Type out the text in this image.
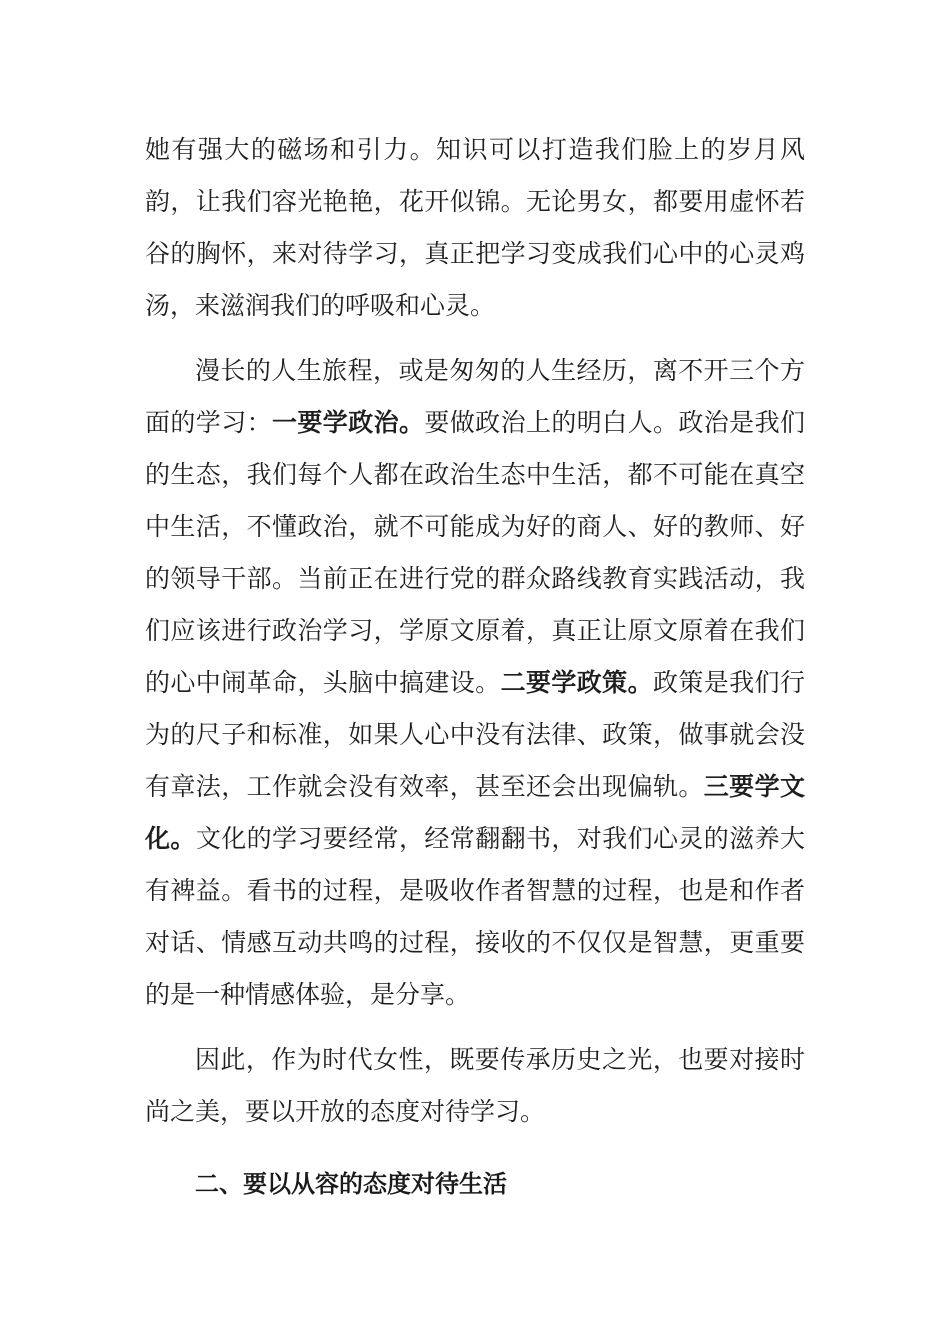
她有强大的磁场和引力。知识可以打造我们脸上的岁月风韵，让我们容光艳艳，花开似锦。无论男女，都要用虚怀若谷的胸怀，来对待学习，真正把学习变成我们心中的心灵鸡汤，来滋润我们的呼吸和心灵。

漫长的人生旅程，或是匆匆的人生经历，离不开三个方面的学习：一要学政治。要做政治上的明白人。政治是我们的生态，我们每个人都在政治生态中生活，都不可能在真空中生活，不懂政治，就不可能成为好的商人、好的教师、好的领导干部。当前正在进行党的群众路线教育实践活动，我们应该进行政治学习，学原文原着，真正让原文原着在我们的心中闹革命，头脑中搞建设。二要学政策。政策是我们行为的尺子和标准，如果人心中没有法律、政策，做事就会没有章法，工作就会没有效率，甚至还会出现偏轨。三要学文化。文化的学习要经常，经常翻翻书，对我们心灵的滋养大有裨益。看书的过程，是吸收作者智慧的过程，也是和作者对话、情感互动共鸣的过程，接收的不仅仅是智慧，更重要的是一种情感体验，是分享。

因此，作为时代女性，既要传承历史之光，也要对接时尚之美，要以开放的态度对待学习。

二、要以从容的态度对待生活
